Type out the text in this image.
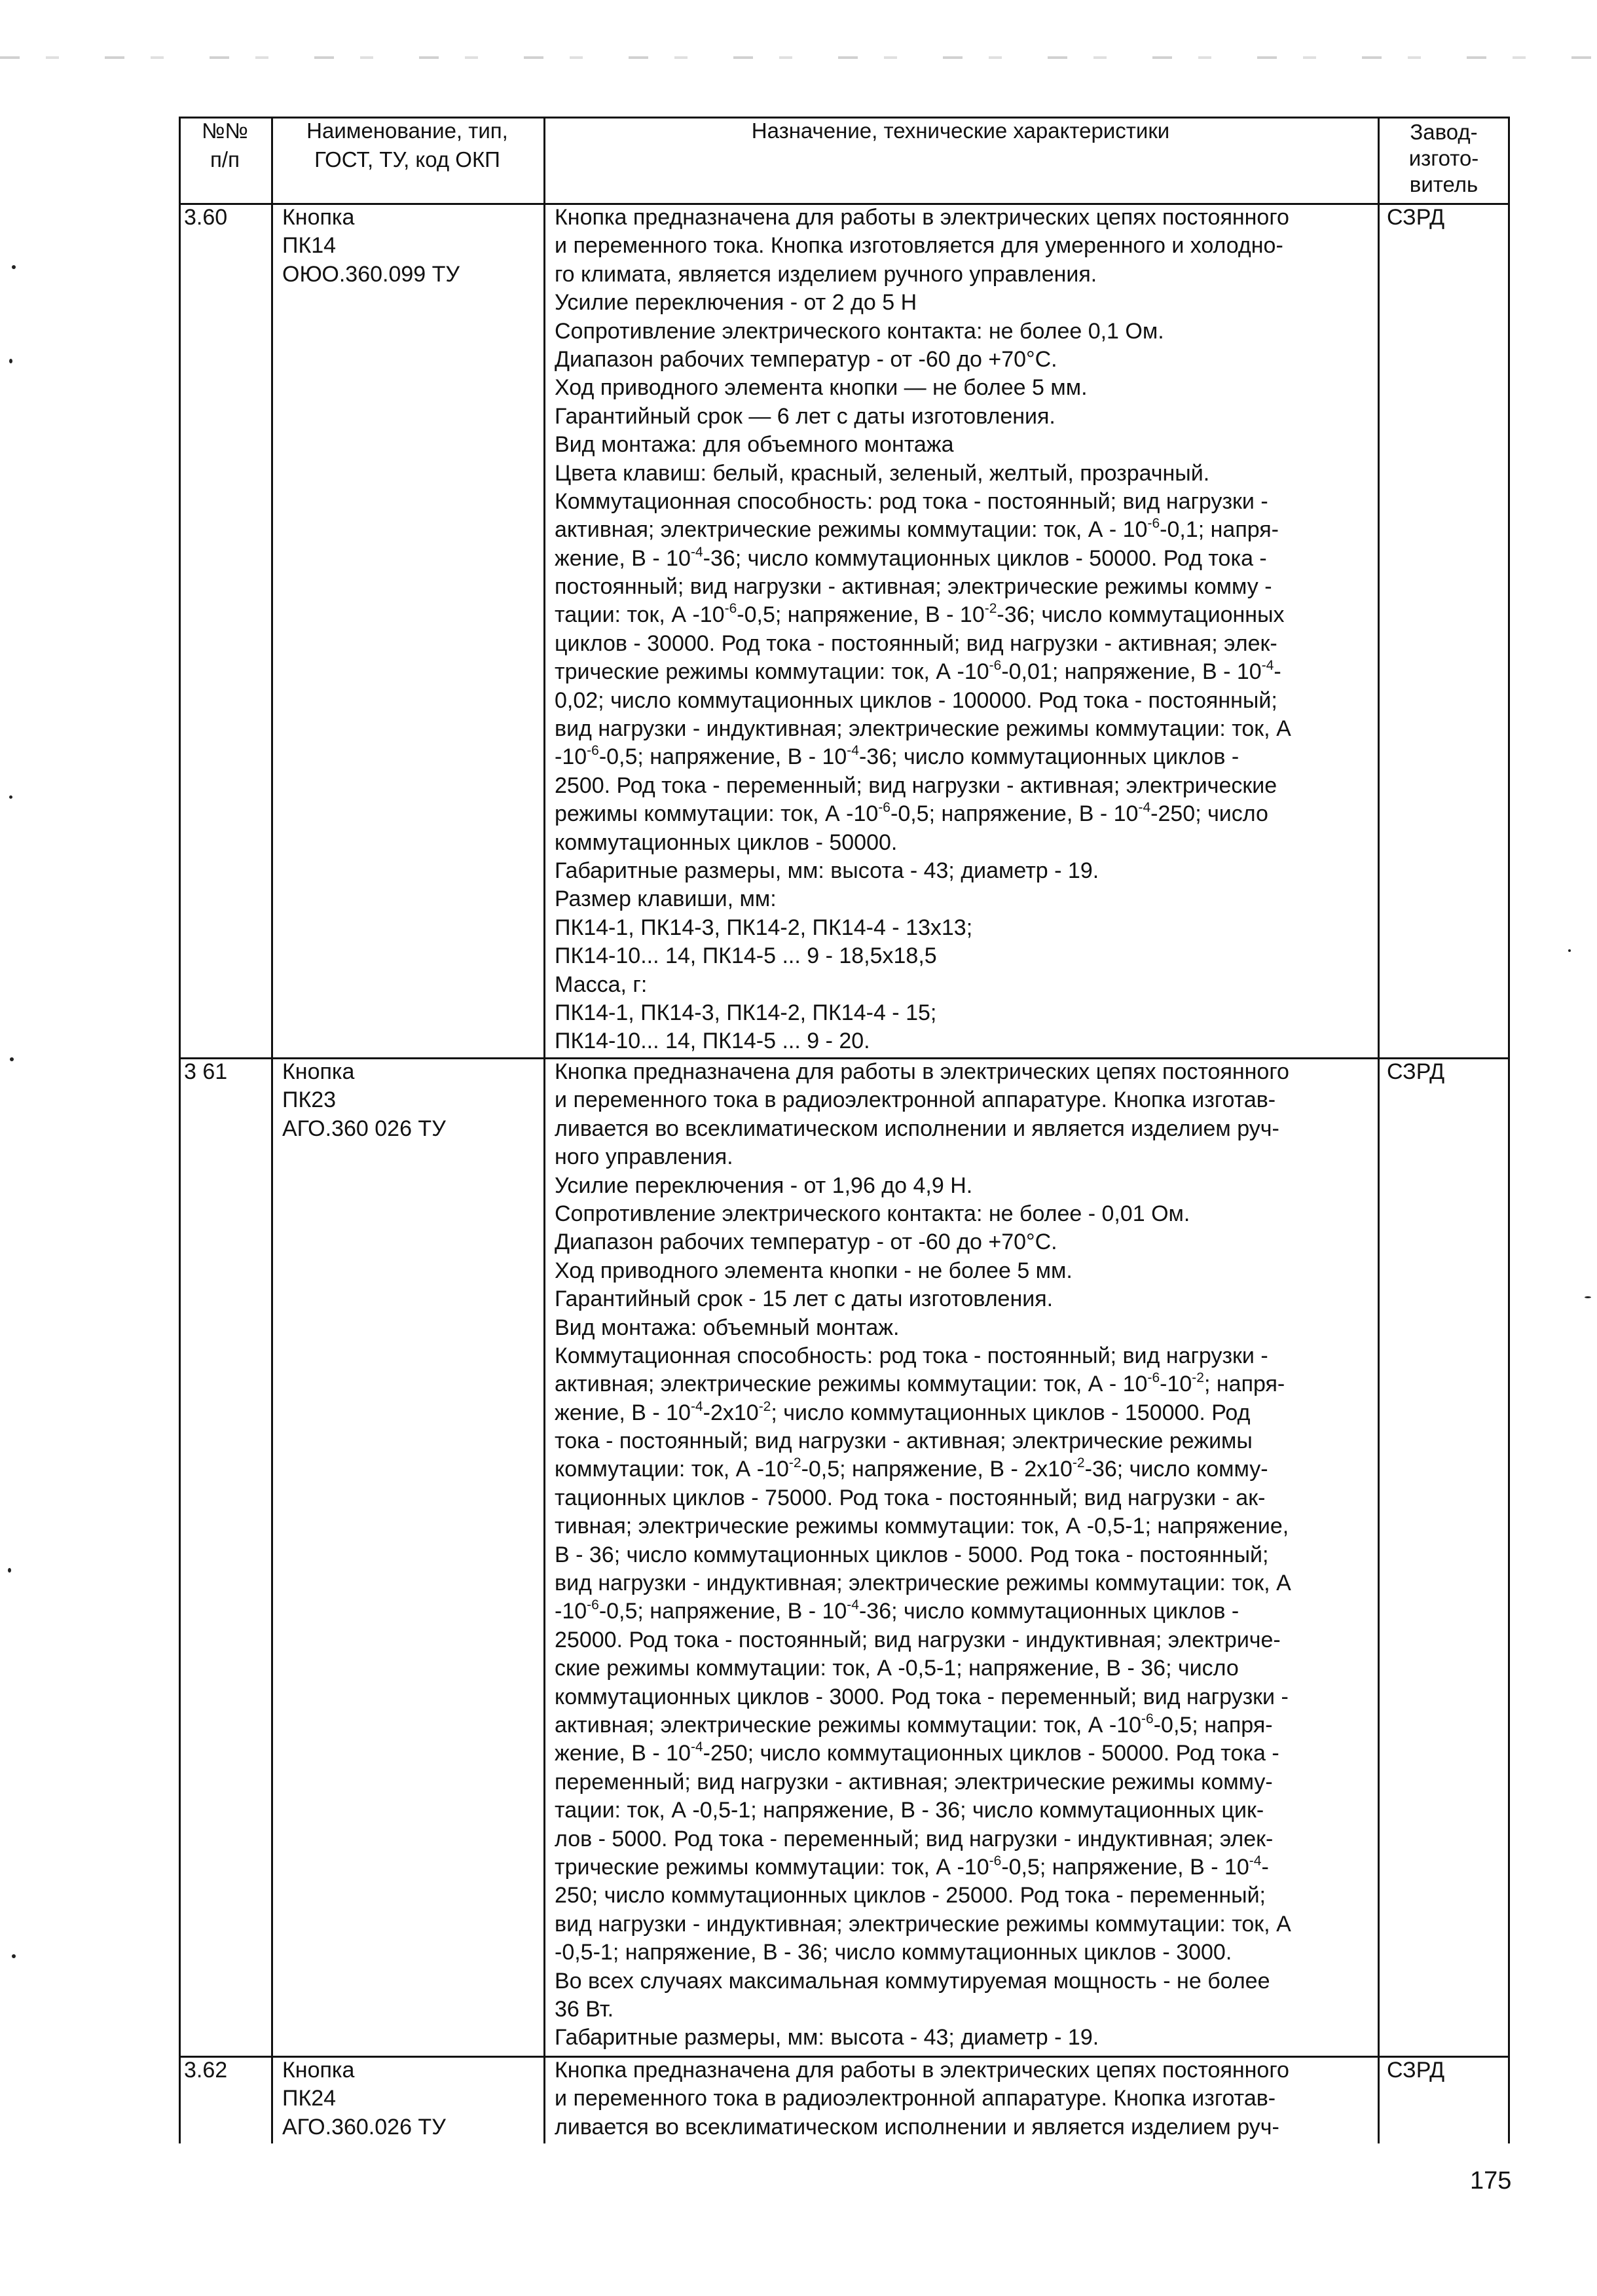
№№
п/п
Наименование, тип,
ГОСТ, ТУ, код ОКП
Назначение, технические характеристики	Завод-
изгото-
витель
3.60 Кнопка
ПК14
ОЮО.360.099 ТУ
Кнопка предназначена для работы в электрических цепях постоянного
и переменного тока. Кнопка изготовляется для умеренного и холодно-
го климата, является изделием ручного управления.
Усилие переключения - от 2 до 5 Н
Сопротивление электрического контакта: не более 0,1 Ом.
Диапазон рабочих температур - от -60 до +70°С.
Ход приводного элемента кнопки — не более 5 мм.
Гарантийный срок — 6 лет с даты изготовления.
Вид монтажа: для объемного монтажа
Цвета клавиш: белый, красный, зеленый, желтый, прозрачный.
Коммутационная способность: род тока - постоянный; вид нагрузки -
активная; электрические режимы коммутации: ток, А - $10^{-6}-0,1$; напря-
жение, В - $10^{-4}-36$; число коммутационных циклов - 50000. Род тока -
постоянный; вид нагрузки - активная; электрические режимы комму -
тации: ток, А $-10^{-6}-0,5$; напряжение, В - $10^{-2}-36$; число коммутационных
циклов - 30000. Род тока - постоянный; вид нагрузки - активная; элек-
трические режимы коммутации: ток, А $-10^{-6}-0,01$; напряжение, В - $10^{-4}-$
0,02; число коммутационных циклов - 100000. Род тока - постоянный;
вид нагрузки - индуктивная; электрические режимы коммутации: ток, А
$-10^{-6}-0,5$; напряжение, В - $10^{-4}-36$; число коммутационных циклов -
2500. Род тока - переменный; вид нагрузки - активная; электрические
режимы коммутации: ток, А $-10^{-6}-0,5$; напряжение, В - $10^{-4}-250$; число
коммутационных циклов - 50000.
Габаритные размеры, мм: высота - 43; диаметр - 19.
Размер клавиши, мм:
ПК14-1, ПК14-3, ПК14-2, ПК14-4 - 13х13;
ПК14-10... 14, ПК14-5 ... 9 - 18,5х18,5
Масса, г:
ПК14-1, ПК14-3, ПК14-2, ПК14-4 - 15;
ПК14-10... 14, ПК14-5 ... 9 - 20.
СЗРД
3 61 Кнопка
ПК23
АГО.360 026 ТУ
Кнопка предназначена для работы в электрических цепях постоянного
и переменного тока в радиоэлектронной аппаратуре. Кнопка изготав-
ливается во всеклиматическом исполнении и является изделием руч-
ного управления.
Усилие переключения - от 1,96 до 4,9 Н.
Сопротивление электрического контакта: не более - 0,01 Ом.
Диапазон рабочих температур - от -60 до +70°С.
Ход приводного элемента кнопки - не более 5 мм.
Гарантийный срок - 15 лет с даты изготовления.
Вид монтажа: объемный монтаж.
Коммутационная способность: род тока - постоянный; вид нагрузки -
активная; электрические режимы коммутации: ток, А - $10^{-6}-10^{-2}$; напря-
жение, В - $10^{-4}-2х10^{-2}$; число коммутационных циклов - 150000. Род
тока - постоянный; вид нагрузки - активная; электрические режимы
коммутации: ток, А $-10^{-2}-0,5$; напряжение, В - $2х10^{-2}-36$; число комму-
тационных циклов - 75000. Род тока - постоянный; вид нагрузки - ак-
тивная; электрические режимы коммутации: ток, А -0,5-1; напряжение,
В - 36; число коммутационных циклов - 5000. Род тока - постоянный;
вид нагрузки - индуктивная; электрические режимы коммутации: ток, А
$-10^{-6}-0,5$; напряжение, В - $10^{-4}-36$; число коммутационных циклов -
25000. Род тока - постоянный; вид нагрузки - индуктивная; электриче-
ские режимы коммутации: ток, А -0,5-1; напряжение, В - 36; число
коммутационных циклов - 3000. Род тока - переменный; вид нагрузки -
активная; электрические режимы коммутации: ток, А $-10^{-6}-0,5$; напря-
жение, В - $10^{-4}-250$; число коммутационных циклов - 50000. Род тока -
переменный; вид нагрузки - активная; электрические режимы комму-
тации: ток, А -0,5-1; напряжение, В - 36; число коммутационных цик-
лов - 5000. Род тока - переменный; вид нагрузки - индуктивная; элек-
трические режимы коммутации: ток, А $-10^{-6}-0,5$; напряжение, В - $10^{-4}-$
250; число коммутационных циклов - 25000. Род тока - переменный;
вид нагрузки - индуктивная; электрические режимы коммутации: ток, А
-0,5-1; напряжение, В - 36; число коммутационных циклов - 3000.
Во всех случаях максимальная коммутируемая мощность - не более
36 Вт.
Габаритные размеры, мм: высота - 43; диаметр - 19.
СЗРД
3.62 Кнопка
ПК24
АГО.360.026 ТУ
Кнопка предназначена для работы в электрических цепях постоянного
и переменного тока в радиоэлектронной аппаратуре. Кнопка изготав-
ливается во всеклиматическом исполнении и является изделием руч-
СЗРД
175
